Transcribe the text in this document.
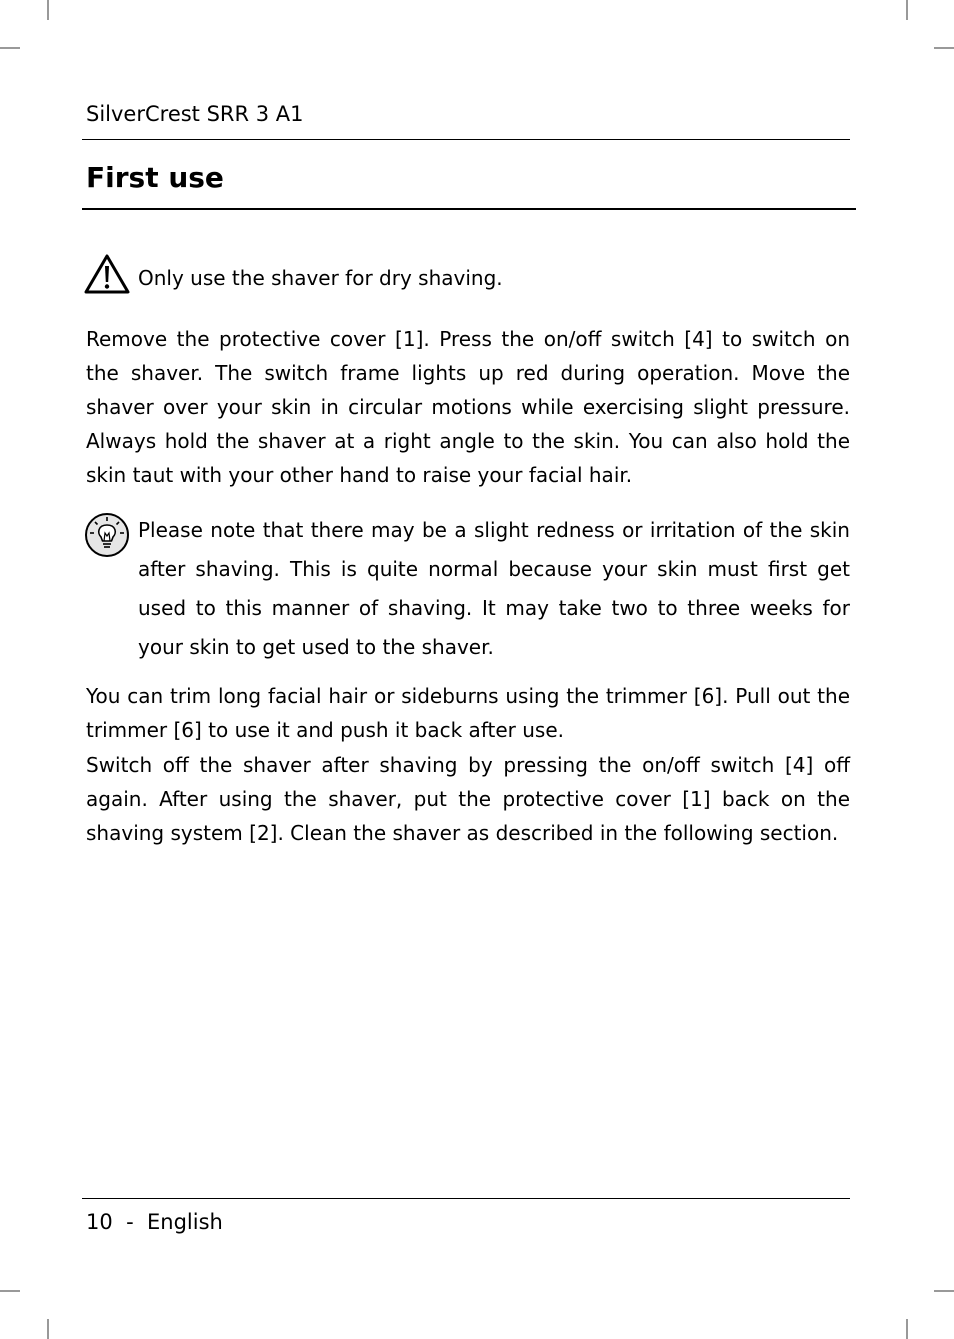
SilverCrest SRR 3 A1
First use
Only use the shaver for dry shaving.

Remove the protective cover [1]. Press the on/off switch [4] to switch on the shaver. The switch frame lights up red during operation. Move the shaver over your skin in circular motions while exercising slight pressure. Always hold the shaver at a right angle to the skin. You can also hold the skin taut with your other hand to raise your facial hair.

Please note that there may be a slight redness or irritation of the skin after shaving. This is quite normal because your skin must first get used to this manner of shaving. It may take two to three weeks for your skin to get used to the shaver.

You can trim long facial hair or sideburns using the trimmer [6]. Pull out the trimmer [6] to use it and push it back after use.

Switch off the shaver after shaving by pressing the on/off switch [4] off again. After using the shaver, put the protective cover [1] back on the shaving system [2]. Clean the shaver as described in the following section.

10  -  English
